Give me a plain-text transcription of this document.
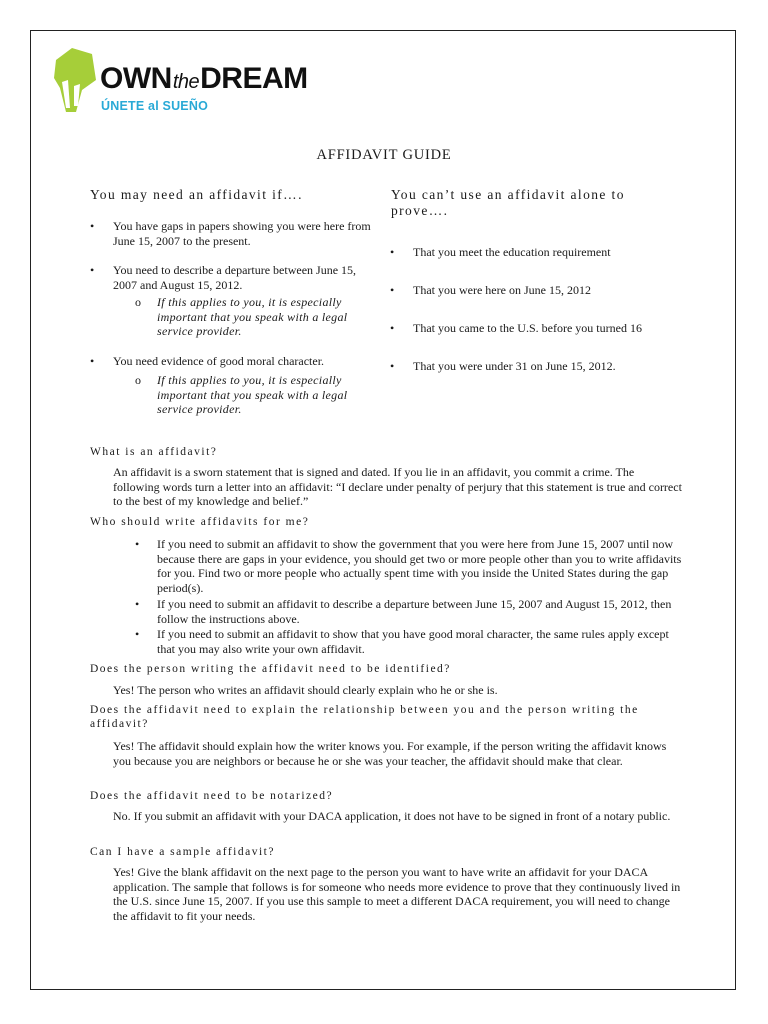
OWNtheDREAM
ÚNETE al SUEÑO
AFFIDAVIT GUIDE
You may need an affidavit if….
• You have gaps in papers showing you were here from June 15, 2007 to the present.
• You need to describe a departure between June 15, 2007 and August 15, 2012.
o If this applies to you, it is especially important that you speak with a legal service provider.
• You need evidence of good moral character.
o If this applies to you, it is especially important that you speak with a legal service provider.
You can’t use an affidavit alone to prove….
• That you meet the education requirement
• That you were here on June 15, 2012
• That you came to the U.S. before you turned 16
• That you were under 31 on June 15, 2012.
What is an affidavit?
An affidavit is a sworn statement that is signed and dated. If you lie in an affidavit, you commit a crime. The following words turn a letter into an affidavit: “I declare under penalty of perjury that this statement is true and correct to the best of my knowledge and belief.”
Who should write affidavits for me?
• If you need to submit an affidavit to show the government that you were here from June 15, 2007 until now because there are gaps in your evidence, you should get two or more people other than you to write affidavits for you. Find two or more people who actually spent time with you inside the United States during the gap period(s).
• If you need to submit an affidavit to describe a departure between June 15, 2007 and August 15, 2012, then follow the instructions above.
• If you need to submit an affidavit to show that you have good moral character, the same rules apply except that you may also write your own affidavit.
Does the person writing the affidavit need to be identified?
Yes! The person who writes an affidavit should clearly explain who he or she is.
Does the affidavit need to explain the relationship between you and the person writing the affidavit?
Yes! The affidavit should explain how the writer knows you. For example, if the person writing the affidavit knows you because you are neighbors or because he or she was your teacher, the affidavit should make that clear.
Does the affidavit need to be notarized?
No. If you submit an affidavit with your DACA application, it does not have to be signed in front of a notary public.
Can I have a sample affidavit?
Yes! Give the blank affidavit on the next page to the person you want to have write an affidavit for your DACA application. The sample that follows is for someone who needs more evidence to prove that they continuously lived in the U.S. since June 15, 2007. If you use this sample to meet a different DACA requirement, you will need to change the affidavit to fit your needs.
